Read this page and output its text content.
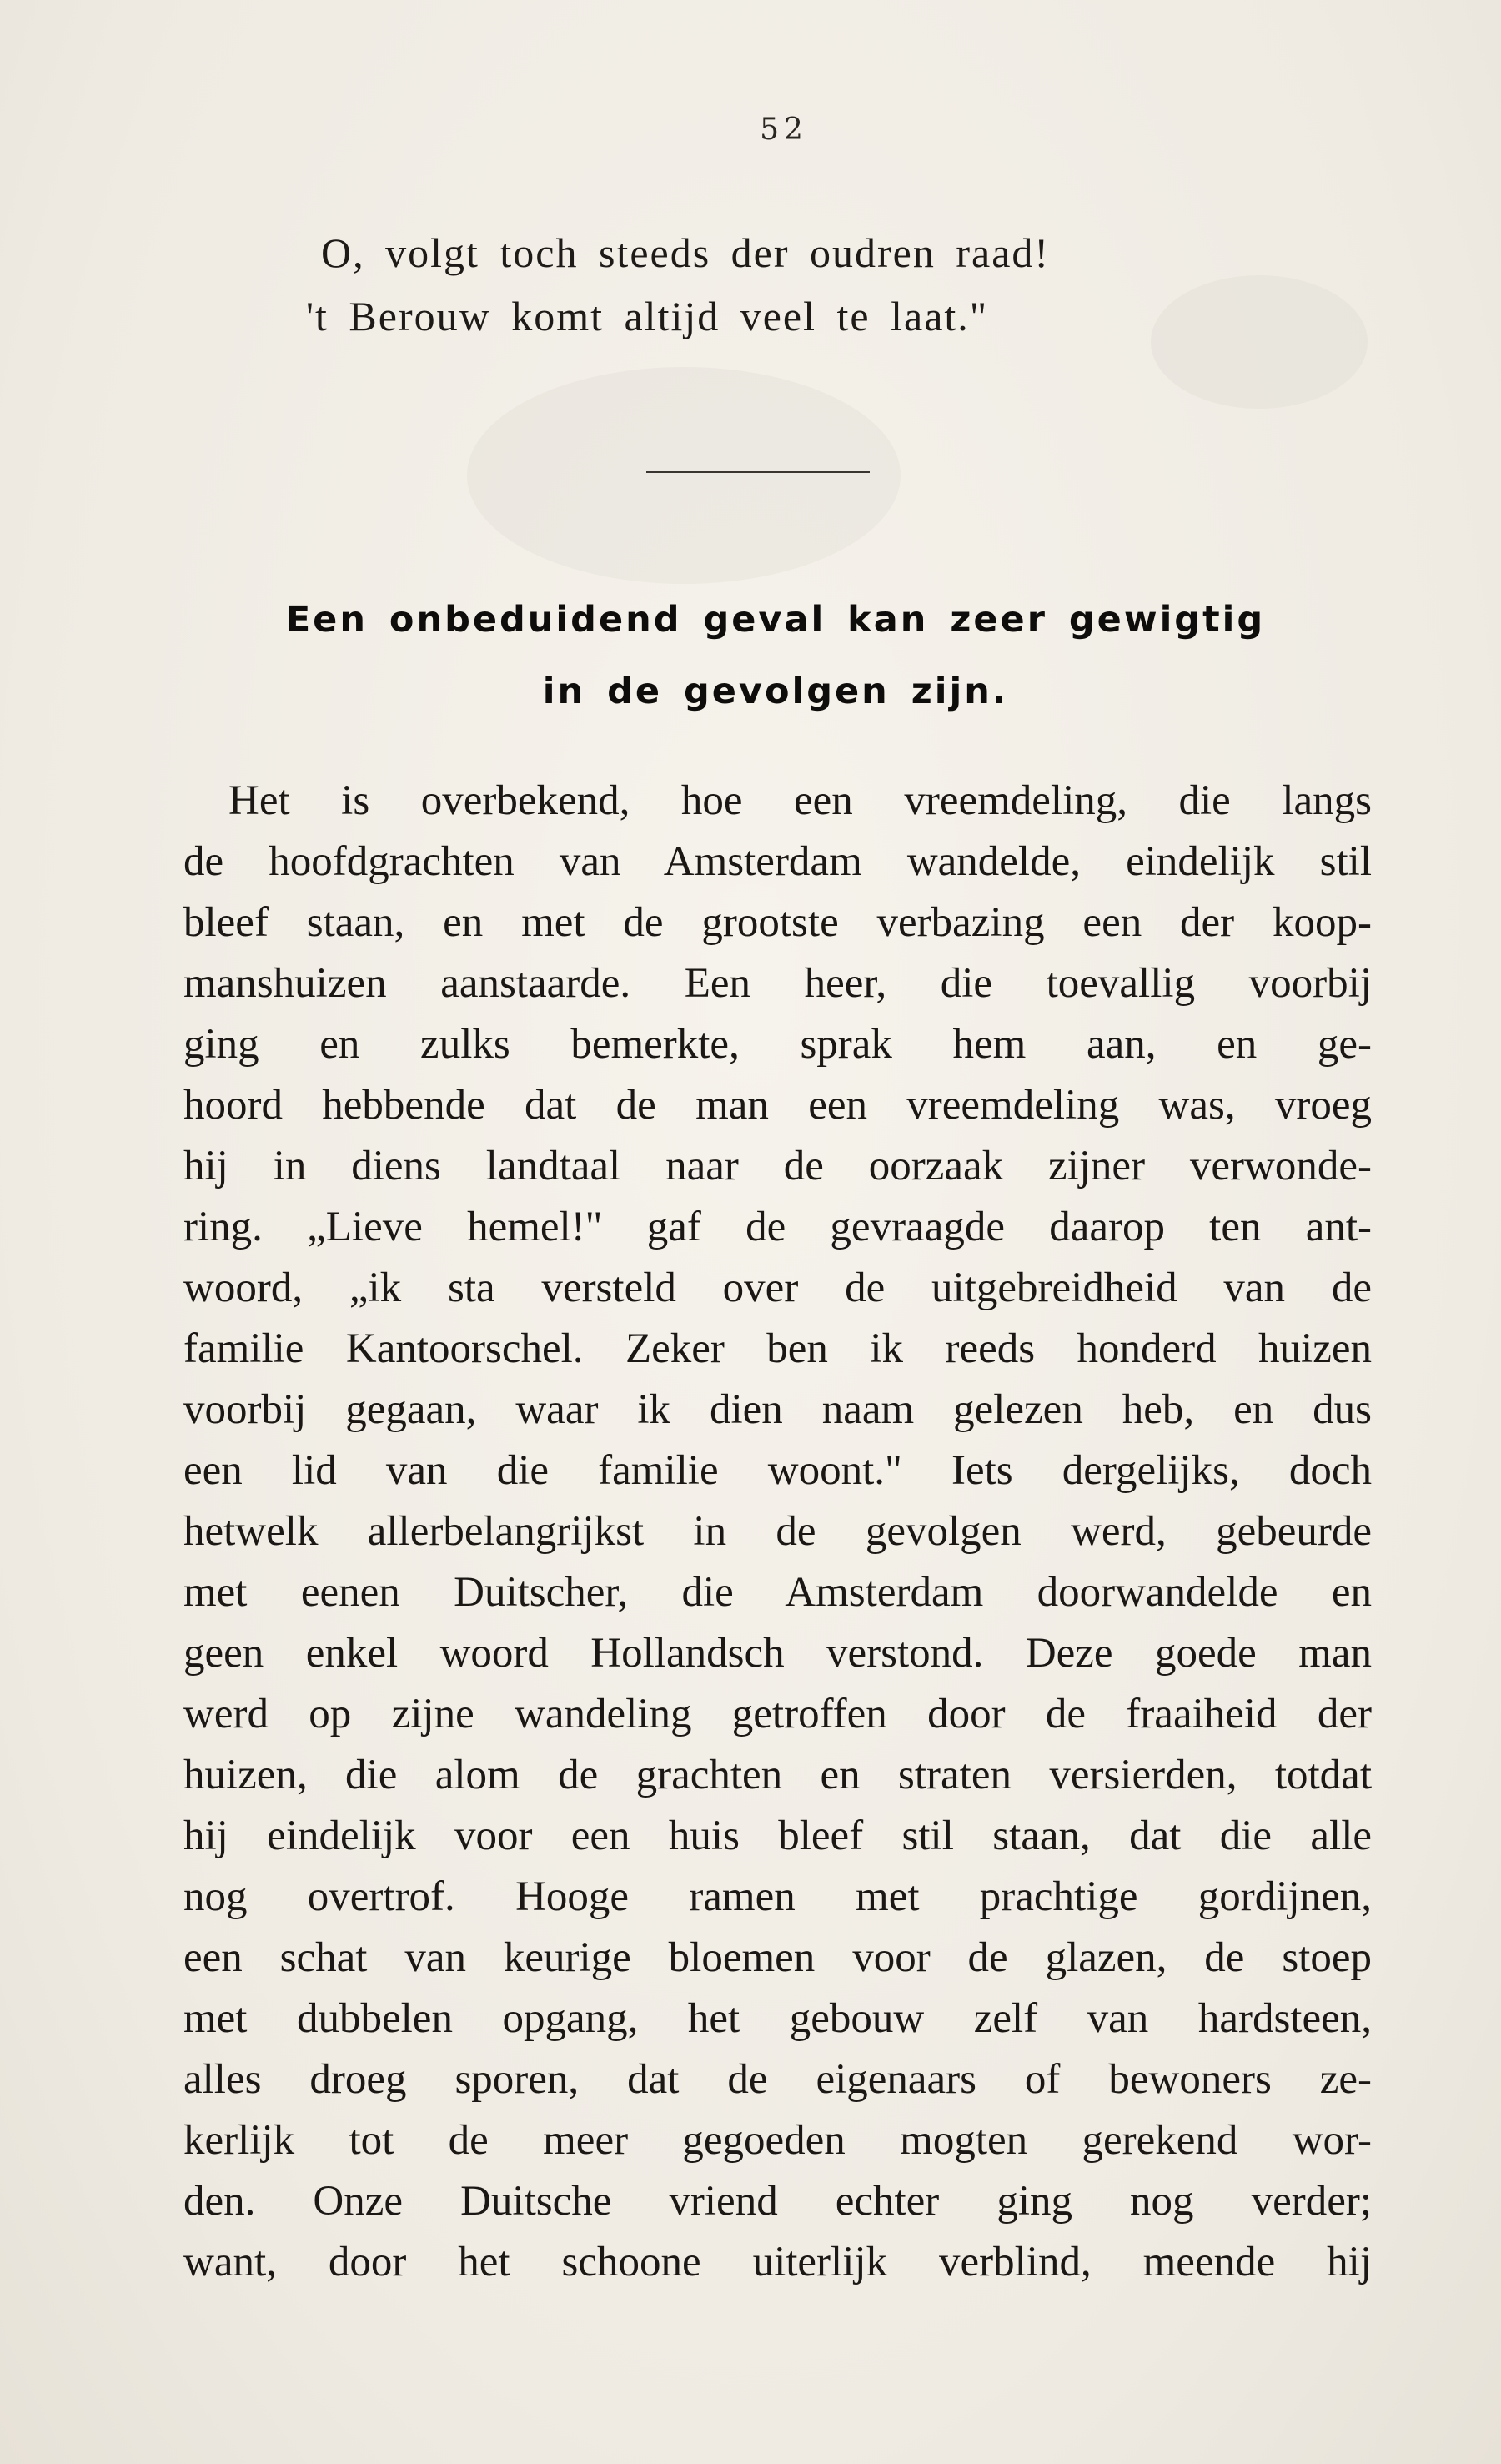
52
O, volgt toch steeds der oudren raad!
't Berouw komt altijd veel te laat."
Een onbeduidend geval kan zeer gewigtig
in de gevolgen zijn.
Het is overbekend, hoe een vreemdeling, die langs
de hoofdgrachten van Amsterdam wandelde, eindelijk stil
bleef staan, en met de grootste verbazing een der koop-
manshuizen aanstaarde. Een heer, die toevallig voorbij
ging en zulks bemerkte, sprak hem aan, en ge-
hoord hebbende dat de man een vreemdeling was, vroeg
hij in diens landtaal naar de oorzaak zijner verwonde-
ring. „Lieve hemel!" gaf de gevraagde daarop ten ant-
woord, „ik sta versteld over de uitgebreidheid van de
familie Kantoorschel. Zeker ben ik reeds honderd huizen
voorbij gegaan, waar ik dien naam gelezen heb, en dus
een lid van die familie woont." Iets dergelijks, doch
hetwelk allerbelangrijkst in de gevolgen werd, gebeurde
met eenen Duitscher, die Amsterdam doorwandelde en
geen enkel woord Hollandsch verstond. Deze goede man
werd op zijne wandeling getroffen door de fraaiheid der
huizen, die alom de grachten en straten versierden, totdat
hij eindelijk voor een huis bleef stil staan, dat die alle
nog overtrof. Hooge ramen met prachtige gordijnen,
een schat van keurige bloemen voor de glazen, de stoep
met dubbelen opgang, het gebouw zelf van hardsteen,
alles droeg sporen, dat de eigenaars of bewoners ze-
kerlijk tot de meer gegoeden mogten gerekend wor-
den. Onze Duitsche vriend echter ging nog verder;
want, door het schoone uiterlijk verblind, meende hij
